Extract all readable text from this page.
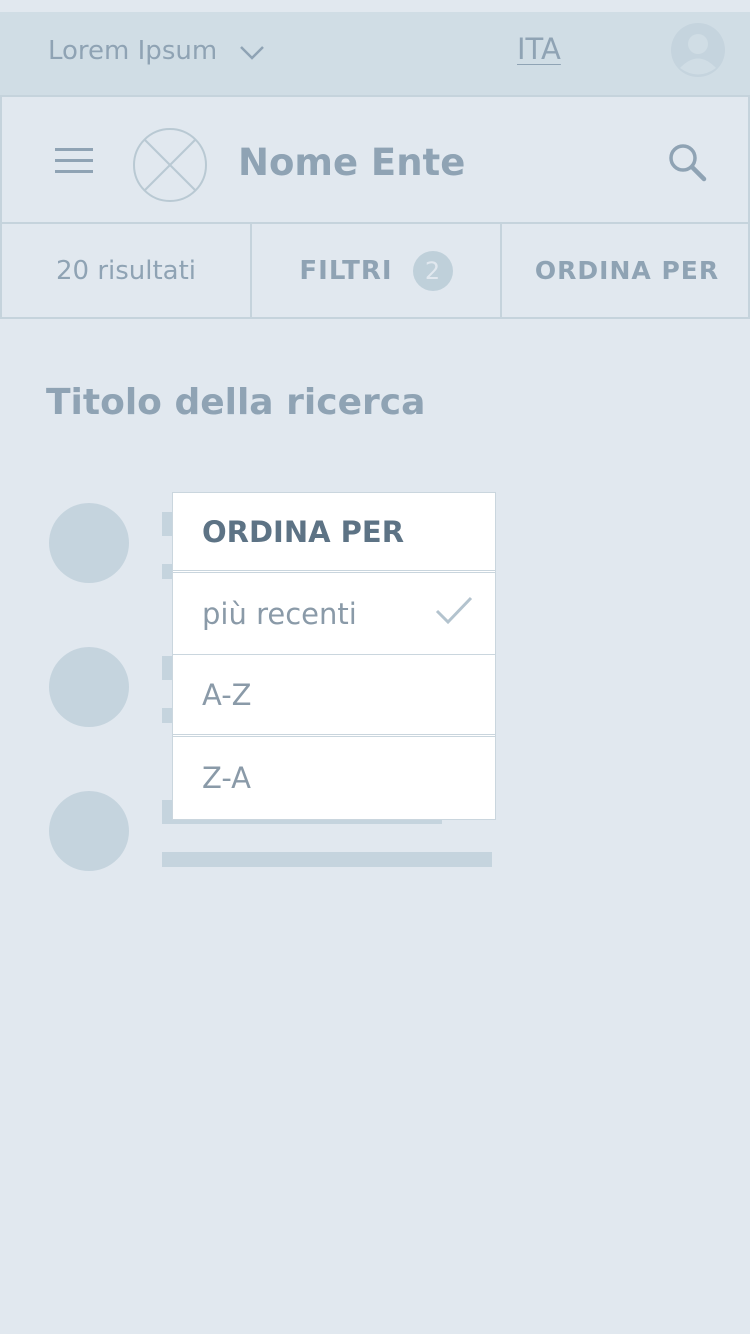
Lorem Ipsum	ITA
Nome Ente
20 risultati	FILTRI	2	ORDINA PER
Titolo della ricerca
ORDINA PER
più recenti
A-Z
Z-A
